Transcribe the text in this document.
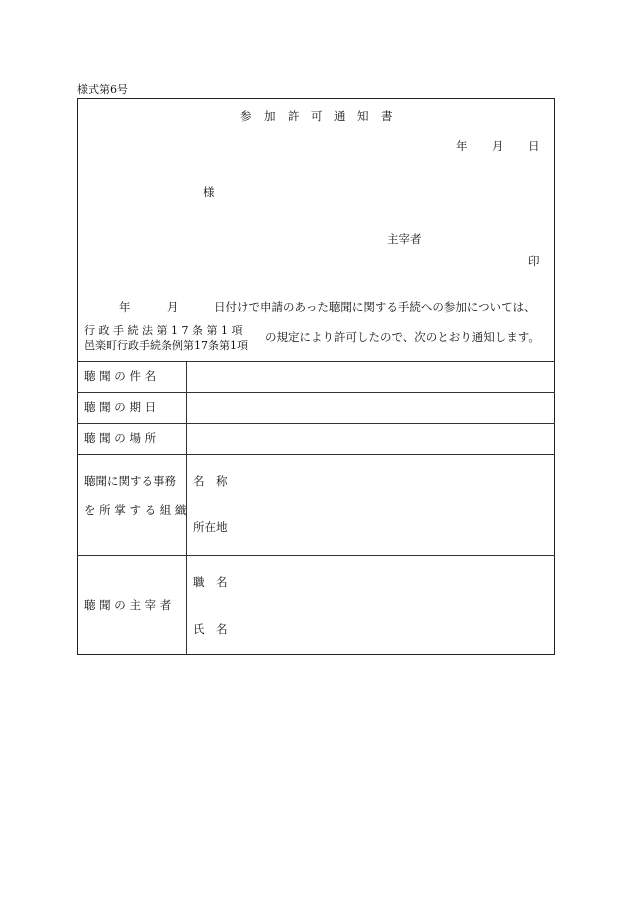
様式第6号
参 加 許 可 通 知 書
年 月 日
様
主宰者
印
年	月	日付けで申請のあった聴聞に関する手続への参加については、
行 政 手 続 法 第 1 7 条 第 1 項
邑楽町行政手続条例第17条第1項
の規定により許可したので、次のとおり通知します。
聴 聞 の 件 名
聴 聞 の 期 日
聴 聞 の 場 所
聴聞に関する事務
を 所 掌 す る 組 織
名　称
所在地
聴 聞 の 主 宰 者
職　名
氏　名
